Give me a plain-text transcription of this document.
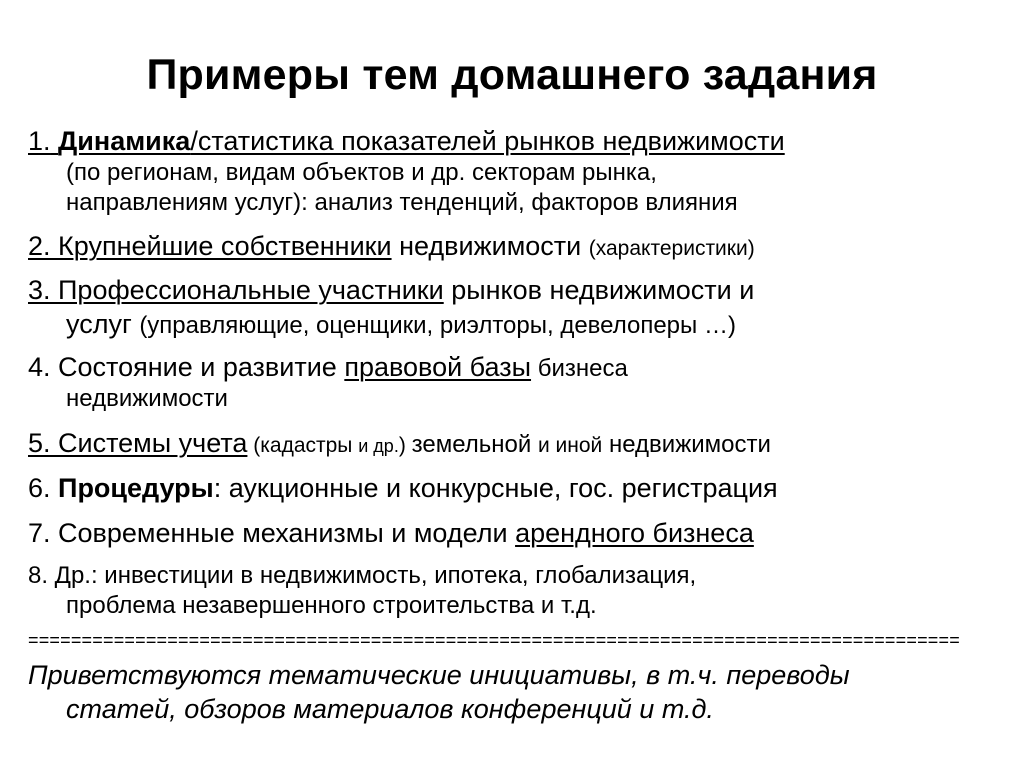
Примеры тем домашнего задания
1. Динамика/статистика показателей рынков недвижимости
(по регионам, видам объектов и др. секторам рынка,
направлениям услуг): анализ тенденций, факторов влияния
2. Крупнейшие собственники недвижимости (характеристики)
3. Профессиональные участники рынков недвижимости и
услуг (управляющие, оценщики, риэлторы, девелоперы …)
4. Состояние и развитие правовой базы бизнеса
недвижимости
5. Системы учета (кадастры и др.) земельной и иной недвижимости
6. Процедуры: аукционные и конкурсные, гос. регистрация
7. Современные механизмы и модели арендного бизнеса
8. Др.: инвестиции в недвижимость, ипотека, глобализация,
проблема незавершенного строительства и т.д.
=======================================================================================
Приветствуются тематические инициативы, в т.ч. переводы
статей, обзоров материалов конференций и т.д.
